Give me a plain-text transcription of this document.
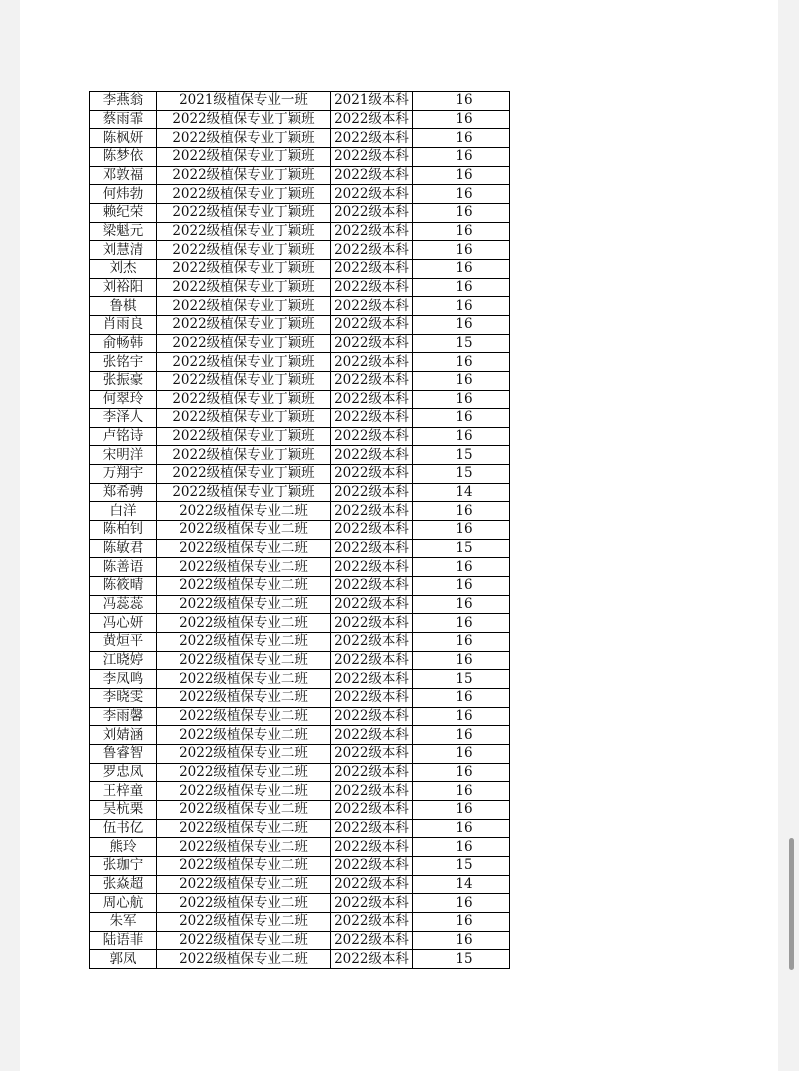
李燕翁	2021级植保专业一班	2021级本科	16
蔡雨霏	2022级植保专业丁颖班	2022级本科	16
陈枫妍	2022级植保专业丁颖班	2022级本科	16
陈梦依	2022级植保专业丁颖班	2022级本科	16
邓敦福	2022级植保专业丁颖班	2022级本科	16
何炜勃	2022级植保专业丁颖班	2022级本科	16
赖纪荣	2022级植保专业丁颖班	2022级本科	16
梁魁元	2022级植保专业丁颖班	2022级本科	16
刘慧清	2022级植保专业丁颖班	2022级本科	16
刘杰	2022级植保专业丁颖班	2022级本科	16
刘裕阳	2022级植保专业丁颖班	2022级本科	16
鲁棋	2022级植保专业丁颖班	2022级本科	16
肖雨良	2022级植保专业丁颖班	2022级本科	16
俞畅韩	2022级植保专业丁颖班	2022级本科	15
张铭宇	2022级植保专业丁颖班	2022级本科	16
张振豪	2022级植保专业丁颖班	2022级本科	16
何翠玲	2022级植保专业丁颖班	2022级本科	16
李泽人	2022级植保专业丁颖班	2022级本科	16
卢铭诗	2022级植保专业丁颖班	2022级本科	16
宋明洋	2022级植保专业丁颖班	2022级本科	15
万翔宇	2022级植保专业丁颖班	2022级本科	15
郑希骋	2022级植保专业丁颖班	2022级本科	14
白洋	2022级植保专业二班	2022级本科	16
陈柏钊	2022级植保专业二班	2022级本科	16
陈敏君	2022级植保专业二班	2022级本科	15
陈善语	2022级植保专业二班	2022级本科	16
陈筱晴	2022级植保专业二班	2022级本科	16
冯蕊蕊	2022级植保专业二班	2022级本科	16
冯心妍	2022级植保专业二班	2022级本科	16
黄烜平	2022级植保专业二班	2022级本科	16
江晓婷	2022级植保专业二班	2022级本科	16
李凤鸣	2022级植保专业二班	2022级本科	15
李晓雯	2022级植保专业二班	2022级本科	16
李雨馨	2022级植保专业二班	2022级本科	16
刘婧涵	2022级植保专业二班	2022级本科	16
鲁睿智	2022级植保专业二班	2022级本科	16
罗忠凤	2022级植保专业二班	2022级本科	16
王梓童	2022级植保专业二班	2022级本科	16
吴杭栗	2022级植保专业二班	2022级本科	16
伍书亿	2022级植保专业二班	2022级本科	16
熊玲	2022级植保专业二班	2022级本科	16
张珈宁	2022级植保专业二班	2022级本科	15
张焱超	2022级植保专业二班	2022级本科	14
周心航	2022级植保专业二班	2022级本科	16
朱军	2022级植保专业二班	2022级本科	16
陆语菲	2022级植保专业二班	2022级本科	16
郭凤	2022级植保专业二班	2022级本科	15
